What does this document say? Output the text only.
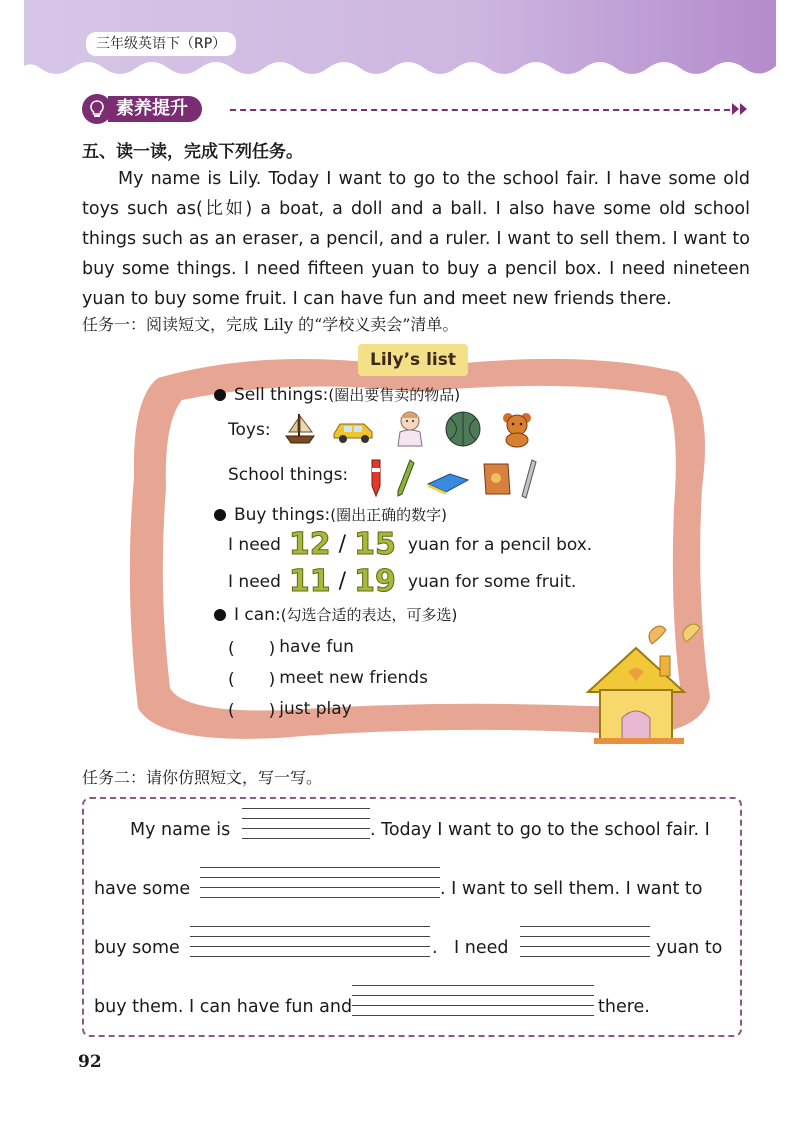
三年级英语下（RP）
素养提升
五、读一读，完成下列任务。
My name is Lily. Today I want to go to the school fair. I have some old toys such as(比如) a boat, a doll and a ball. I also have some old school things such as an eraser, a pencil, and a ruler. I want to sell them. I want to buy some things. I need fifteen yuan to buy a pencil box. I need nineteen yuan to buy some fruit. I can have fun and meet new friends there.
任务一：阅读短文，完成 Lily 的“学校义卖会”清单。
Lily’s list
Sell things: (圈出要售卖的物品)
Toys:
School things:
Buy things: (圈出正确的数字)
I need 12 / 15 yuan for a pencil box.
I need 11 / 19 yuan for some fruit.
I can: (勾选合适的表达，可多选)
(　　) have fun
(　　) meet new friends
(　　) just play
任务二：请你仿照短文，写一写。
My name is	. Today I want to go to the school fair. I
have some	. I want to sell them. I want to
buy some	. I need	yuan to
buy them. I can have fun and	there.
92
